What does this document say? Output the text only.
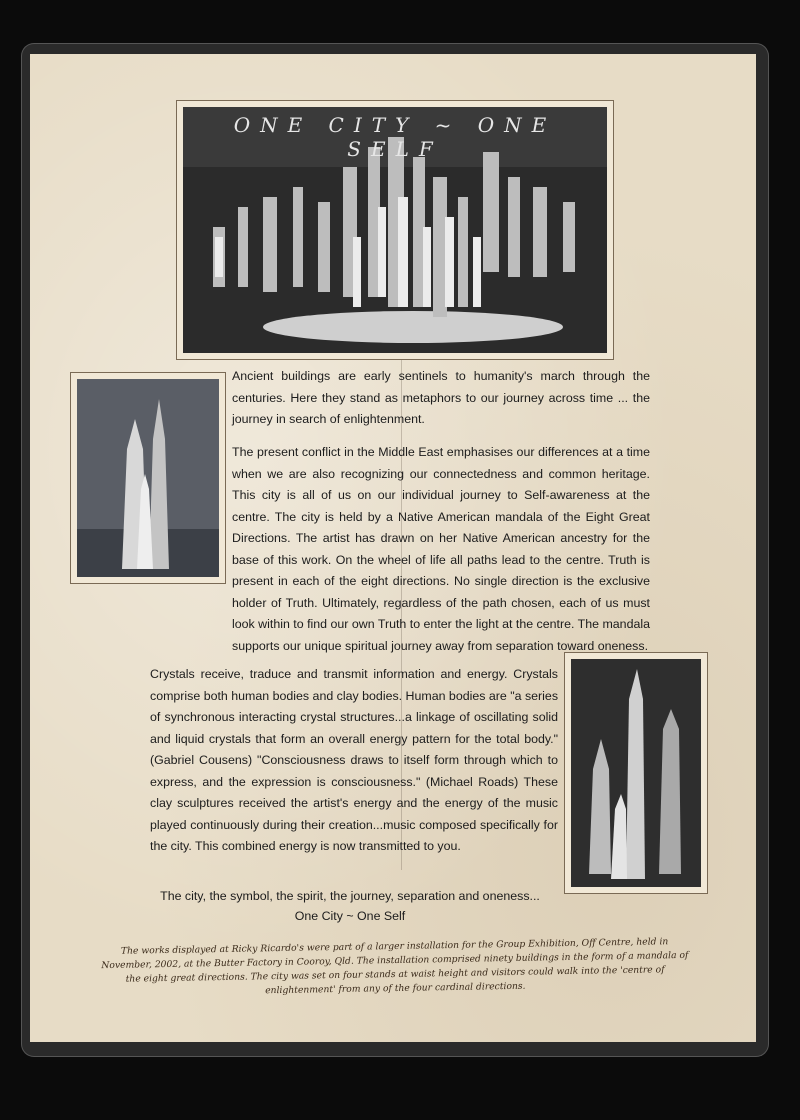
ONE CITY ~ ONE SELF

Ancient buildings are early sentinels to humanity's march through the centuries. Here they stand as metaphors to our journey across time ... the journey in search of enlightenment.

The present conflict in the Middle East emphasises our differences at a time when we are also recognizing our connectedness and common heritage. This city is all of us on our individual journey to Self-awareness at the centre. The city is held by a Native American mandala of the Eight Great Directions. The artist has drawn on her Native American ancestry for the base of this work. On the wheel of life all paths lead to the centre. Truth is present in each of the eight directions. No single direction is the exclusive holder of Truth. Ultimately, regardless of the path chosen, each of us must look within to find our own Truth to enter the light at the centre. The mandala supports our unique spiritual journey away from separation toward oneness.

Crystals receive, traduce and transmit information and energy. Crystals comprise both human bodies and clay bodies. Human bodies are "a series of synchronous interacting crystal structures...a linkage of oscillating solid and liquid crystals that form an overall energy pattern for the total body." (Gabriel Cousens) "Consciousness draws to itself form through which to express, and the expression is consciousness." (Michael Roads) These clay sculptures received the artist's energy and the energy of the music played continuously during their creation...music composed specifically for the city. This combined energy is now transmitted to you.

The city, the symbol, the spirit, the journey, separation and oneness...
One City ~ One Self
The works displayed at Ricky Ricardo's were part of a larger installation for the Group Exhibition, Off Centre, held in November, 2002, at the Butter Factory in Cooroy, Qld. The installation comprised ninety buildings in the form of a mandala of the eight great directions. The city was set on four stands at waist height and visitors could walk into the 'centre of enlightenment' from any of the four cardinal directions.
